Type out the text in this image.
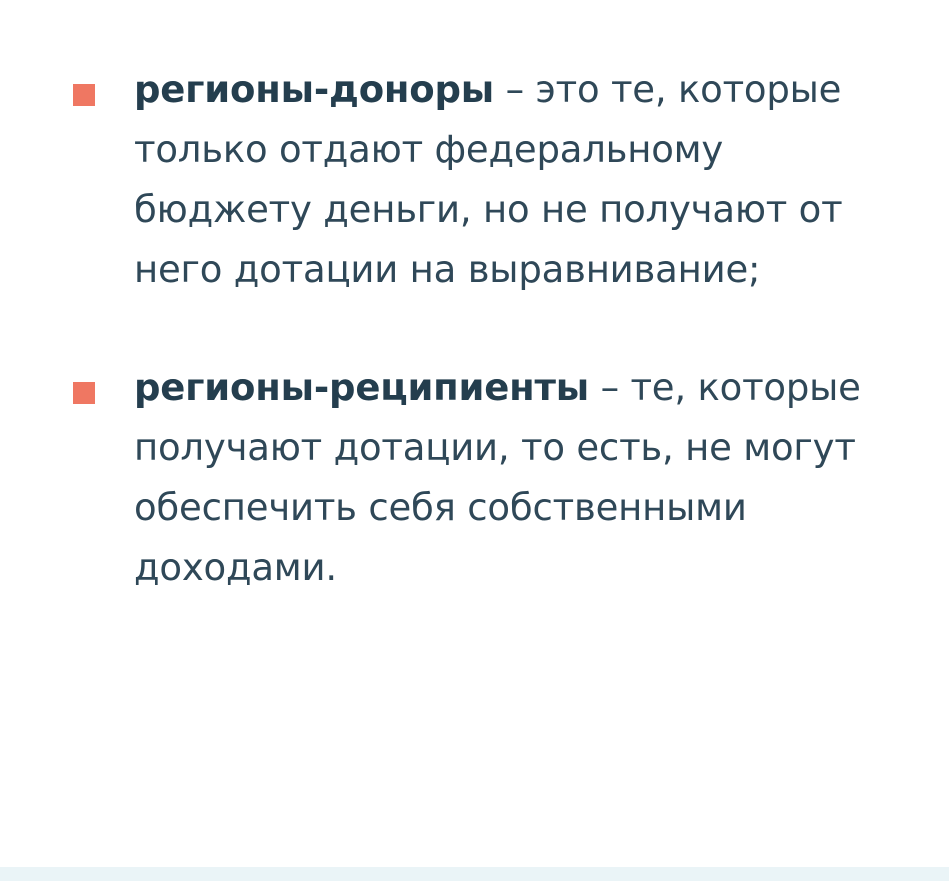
регионы-доноры – это те, которые только отдают федеральному бюджету деньги, но не получают от него дотации на выравнивание;
регионы-реципиенты – те, которые получают дотации, то есть, не могут обеспечить себя собственными доходами.
